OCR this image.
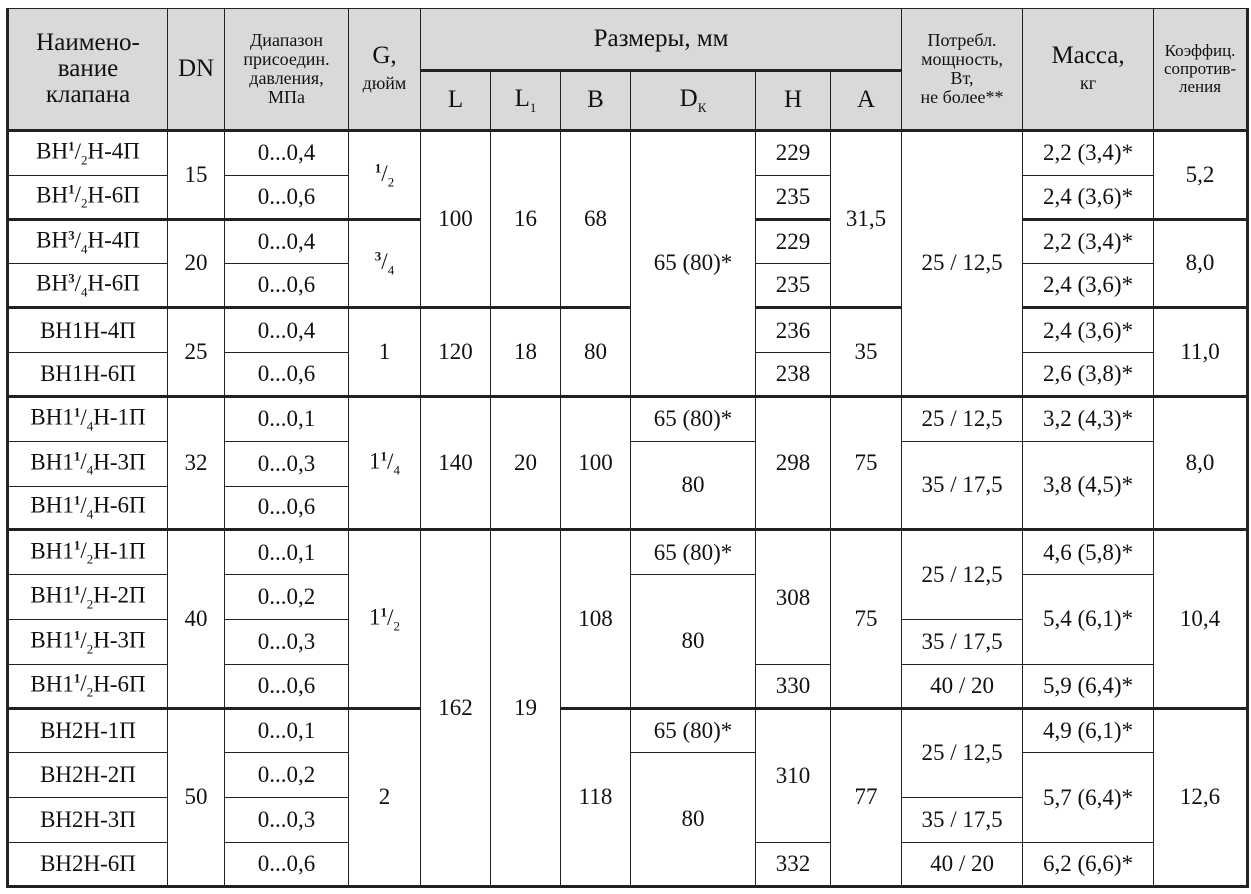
Наимено-
вание
клапана	DN	Диапазон
присоедин.
давления,
МПа	G,
дюйм	Размеры, мм						Потребл.
мощность,
Вт,
не более**	Масса,
кг	Коэффиц.
сопротив-
ления
				L	$L_1$	B	$D_К$	H	A			
$ВН^1/_2Н-4П$	15	0...0,4	$^1/_2$	100	16	68	65 (80)*	229	31,5	25 / 12,5	2,2 (3,4)*	5,2
$ВН^1/_2Н-6П$		0...0,6						235			2,4 (3,6)*	
$ВН^3/_4Н-4П$	20	0...0,4	$^3/_4$					229			2,2 (3,4)*	8,0
$ВН^3/_4Н-6П$		0...0,6						235			2,4 (3,6)*	
ВН1Н-4П	25	0...0,4	1	120	18	80		236	35		2,4 (3,6)*	11,0
ВН1Н-6П		0...0,6						238			2,6 (3,8)*	
$ВН1^1/_4Н-1П$	32	0...0,1	$1^1/_4$	140	20	100	65 (80)*	298	75	25 / 12,5	3,2 (4,3)*	8,0
$ВН1^1/_4Н-3П$		0...0,3					80			35 / 17,5	3,8 (4,5)*	
$ВН1^1/_4Н-6П$		0...0,6										
$ВН1^1/_2Н-1П$	40	0...0,1	$1^1/_2$	162	19	108	65 (80)*	308	75	25 / 12,5	4,6 (5,8)*	10,4
$ВН1^1/_2Н-2П$		0...0,2					80				5,4 (6,1)*	
$ВН1^1/_2Н-3П$		0...0,3								35 / 17,5		
$ВН1^1/_2Н-6П$		0...0,6						330		40 / 20	5,9 (6,4)*	
ВН2Н-1П	50	0...0,1	2			118	65 (80)*	310	77	25 / 12,5	4,9 (6,1)*	12,6
ВН2Н-2П		0...0,2					80				5,7 (6,4)*	
ВН2Н-3П		0...0,3								35 / 17,5		
ВН2Н-6П		0...0,6						332		40 / 20	6,2 (6,6)*	
